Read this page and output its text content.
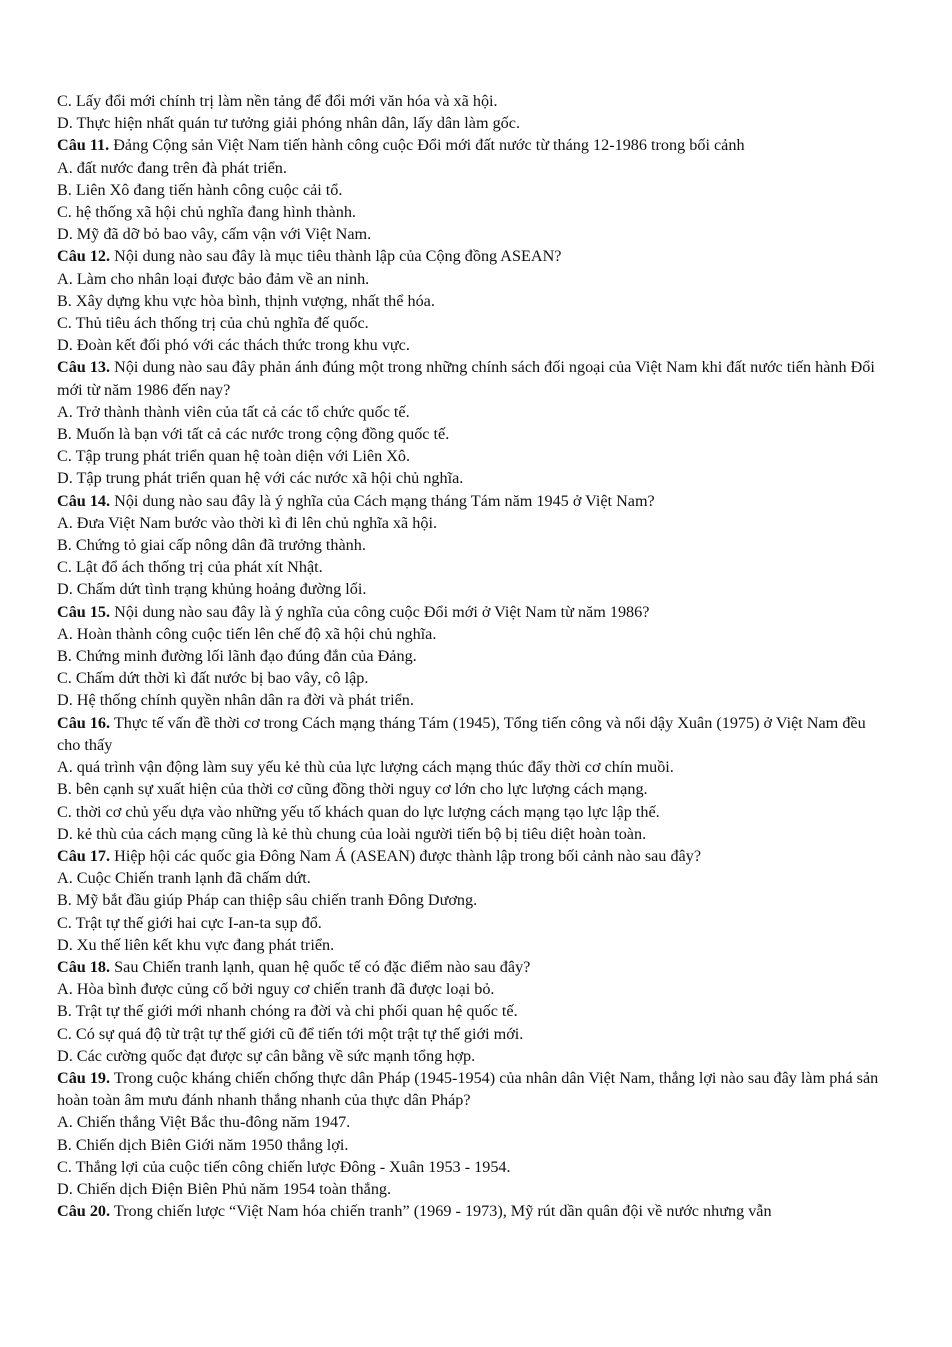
C. Lấy đổi mới chính trị làm nền tảng để đổi mới văn hóa và xã hội.
D. Thực hiện nhất quán tư tưởng giải phóng nhân dân, lấy dân làm gốc.
Câu 11. Đảng Cộng sản Việt Nam tiến hành công cuộc Đổi mới đất nước từ tháng 12-1986 trong bối cảnh
A. đất nước đang trên đà phát triển.
B. Liên Xô đang tiến hành công cuộc cải tổ.
C. hệ thống xã hội chủ nghĩa đang hình thành.
D. Mỹ đã dỡ bỏ bao vây, cấm vận với Việt Nam.
Câu 12. Nội dung nào sau đây là mục tiêu thành lập của Cộng đồng ASEAN?
A. Làm cho nhân loại được bảo đảm về an ninh.
B. Xây dựng khu vực hòa bình, thịnh vượng, nhất thể hóa.
C. Thủ tiêu ách thống trị của chủ nghĩa đế quốc.
D. Đoàn kết đối phó với các thách thức trong khu vực.
Câu 13. Nội dung nào sau đây phản ánh đúng một trong những chính sách đối ngoại của Việt Nam khi đất nước tiến hành Đổi mới từ năm 1986 đến nay?
A. Trở thành thành viên của tất cả các tổ chức quốc tế.
B. Muốn là bạn với tất cả các nước trong cộng đồng quốc tế.
C. Tập trung phát triển quan hệ toàn diện với Liên Xô.
D. Tập trung phát triển quan hệ với các nước xã hội chủ nghĩa.
Câu 14. Nội dung nào sau đây là ý nghĩa của Cách mạng tháng Tám năm 1945 ở Việt Nam?
A. Đưa Việt Nam bước vào thời kì đi lên chủ nghĩa xã hội.
B. Chứng tỏ giai cấp nông dân đã trưởng thành.
C. Lật đổ ách thống trị của phát xít Nhật.
D. Chấm dứt tình trạng khủng hoảng đường lối.
Câu 15. Nội dung nào sau đây là ý nghĩa của công cuộc Đổi mới ở Việt Nam từ năm 1986?
A. Hoàn thành công cuộc tiến lên chế độ xã hội chủ nghĩa.
B. Chứng minh đường lối lãnh đạo đúng đắn của Đảng.
C. Chấm dứt thời kì đất nước bị bao vây, cô lập.
D. Hệ thống chính quyền nhân dân ra đời và phát triển.
Câu 16. Thực tế vấn đề thời cơ trong Cách mạng tháng Tám (1945), Tổng tiến công và nổi dậy Xuân (1975) ở Việt Nam đều cho thấy
A. quá trình vận động làm suy yếu kẻ thù của lực lượng cách mạng thúc đẩy thời cơ chín muồi.
B. bên cạnh sự xuất hiện của thời cơ cũng đồng thời nguy cơ lớn cho lực lượng cách mạng.
C. thời cơ chủ yếu dựa vào những yếu tố khách quan do lực lượng cách mạng tạo lực lập thế.
D. kẻ thù của cách mạng cũng là kẻ thù chung của loài người tiến bộ bị tiêu diệt hoàn toàn.
Câu 17. Hiệp hội các quốc gia Đông Nam Á (ASEAN) được thành lập trong bối cảnh nào sau đây?
A. Cuộc Chiến tranh lạnh đã chấm dứt.
B. Mỹ bắt đầu giúp Pháp can thiệp sâu chiến tranh Đông Dương.
C. Trật tự thế giới hai cực I-an-ta sụp đổ.
D. Xu thế liên kết khu vực đang phát triển.
Câu 18. Sau Chiến tranh lạnh, quan hệ quốc tế có đặc điểm nào sau đây?
A. Hòa bình được củng cố bởi nguy cơ chiến tranh đã được loại bỏ.
B. Trật tự thế giới mới nhanh chóng ra đời và chi phối quan hệ quốc tế.
C. Có sự quá độ từ trật tự thế giới cũ để tiến tới một trật tự thế giới mới.
D. Các cường quốc đạt được sự cân bằng về sức mạnh tổng hợp.
Câu 19. Trong cuộc kháng chiến chống thực dân Pháp (1945-1954) của nhân dân Việt Nam, thắng lợi nào sau đây làm phá sản hoàn toàn âm mưu đánh nhanh thắng nhanh của thực dân Pháp?
A. Chiến thắng Việt Bắc thu-đông năm 1947.
B. Chiến dịch Biên Giới năm 1950 thắng lợi.
C. Thắng lợi của cuộc tiến công chiến lược Đông - Xuân 1953 - 1954.
D. Chiến dịch Điện Biên Phủ năm 1954 toàn thắng.
Câu 20. Trong chiến lược “Việt Nam hóa chiến tranh” (1969 - 1973), Mỹ rút dần quân đội về nước nhưng vẫn
